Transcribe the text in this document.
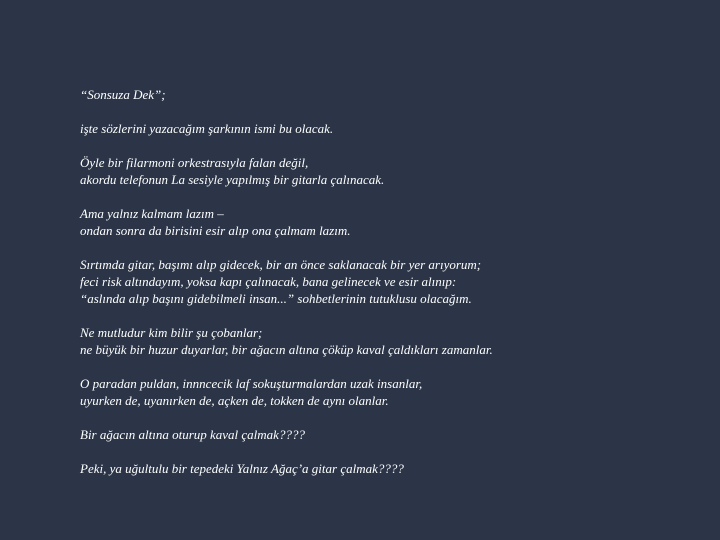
“Sonsuza Dek”;
işte sözlerini yazacağım şarkının ismi bu olacak.
Öyle bir filarmoni orkestrasıyla falan değil,
akordu telefonun La sesiyle yapılmış bir gitarla çalınacak.
Ama yalnız kalmam lazım –
ondan sonra da birisini esir alıp ona çalmam lazım.
Sırtımda gitar, başımı alıp gidecek, bir an önce saklanacak bir yer arıyorum;
feci risk altındayım, yoksa kapı çalınacak, bana gelinecek ve esir alınıp:
“aslında alıp başını gidebilmeli insan...” sohbetlerinin tutuklusu olacağım.
Ne mutludur kim bilir şu çobanlar;
ne büyük bir huzur duyarlar, bir ağacın altına çöküp kaval çaldıkları zamanlar.
O paradan puldan, innncecik laf sokuşturmalardan uzak insanlar,
uyurken de, uyanırken de, açken de, tokken de aynı olanlar.
Bir ağacın altına oturup kaval çalmak????
Peki, ya uğultulu bir tepedeki Yalnız Ağaç’a gitar çalmak????
